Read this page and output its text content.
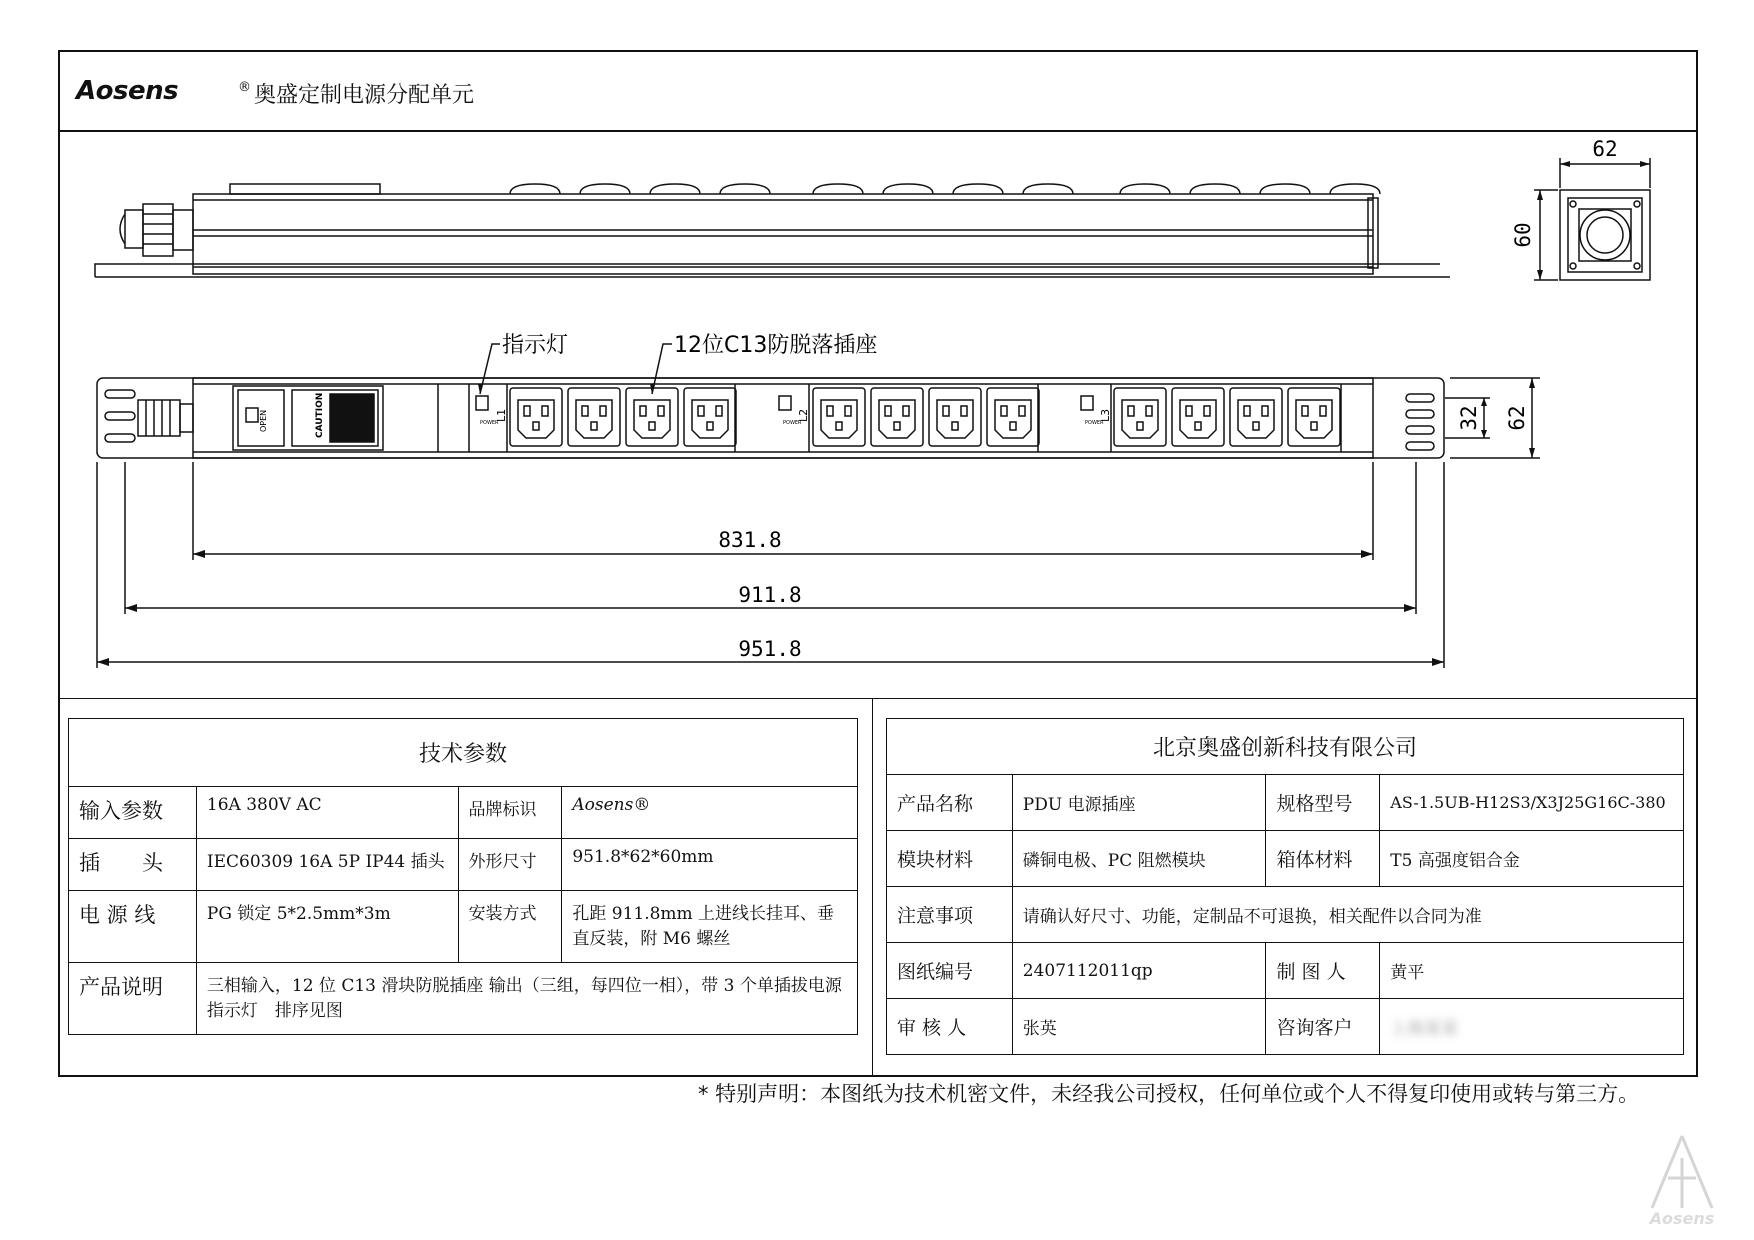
Aosens	® 奥盛定制电源分配单元
指示灯	12位C13防脱落插座
831.8
911.8
951.8
62
60
32 62
L1	L2	L3
POWER	POWER	POWER
OPEN	CAUTION
技术参数			
输入参数	16A 380V AC	品牌标识	Aosens®
插　　头	IEC60309 16A 5P IP44 插头	外形尺寸	951.8*62*60mm
电 源 线	PG 锁定 5*2.5mm*3m	安装方式	孔距 911.8mm 上进线长挂耳、垂直反装，附 M6 螺丝
产品说明	三相输入，12 位 C13 滑块防脱插座 输出（三组，每四位一相），带 3 个单插拔电源指示灯　排序见图		
北京奥盛创新科技有限公司			
产品名称	PDU 电源插座	规格型号	AS-1.5UB-H12S3/X3J25G16C-380
模块材料	磷铜电极、PC 阻燃模块	箱体材料	T5 高强度铝合金
注意事项	请确认好尺寸、功能，定制品不可退换，相关配件以合同为准		
图纸编号	2407112011qp	制 图 人	黄平
审 核 人	张英	咨询客户	上海某某
* 特别声明：本图纸为技术机密文件，未经我公司授权，任何单位或个人不得复印使用或转与第三方。
Aosens
